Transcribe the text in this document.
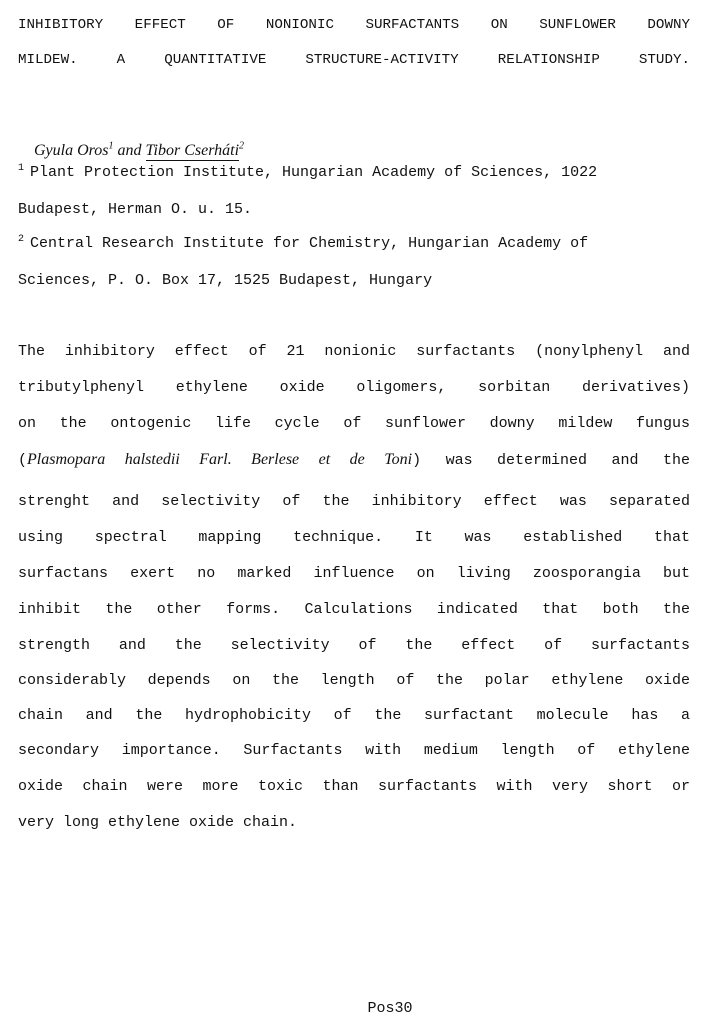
INHIBITORY EFFECT OF NONIONIC SURFACTANTS ON SUNFLOWER DOWNY
MILDEW. A QUANTITATIVE STRUCTURE-ACTIVITY RELATIONSHIP STUDY.

Gyula Oros$^1$ and Tibor Cserháti$^2$

$^1$ Plant Protection Institute, Hungarian Academy of Sciences, 1022
Budapest, Herman O. u. 15.
$^2$ Central Research Institute for Chemistry, Hungarian Academy of
Sciences, P. O. Box 17, 1525 Budapest, Hungary
The inhibitory effect of 21 nonionic surfactants (nonylphenyl and
tributylphenyl ethylene oxide oligomers, sorbitan derivatives)
on the ontogenic life cycle of sunflower downy mildew fungus
(Plasmopara halstedii Farl. Berlese et de Toni) was determined and the
strenght and selectivity of the inhibitory effect was separated
using spectral mapping technique. It was established that
surfactans exert no marked influence on living zoosporangia but
inhibit the other forms. Calculations indicated that both the
strength and the selectivity of the effect of surfactants
considerably depends on the length of the polar ethylene oxide
chain and the hydrophobicity of the surfactant molecule has a
secondary importance. Surfactants with medium length of ethylene
oxide chain were more toxic than surfactants with very short or
very long ethylene oxide chain.
Pos30
